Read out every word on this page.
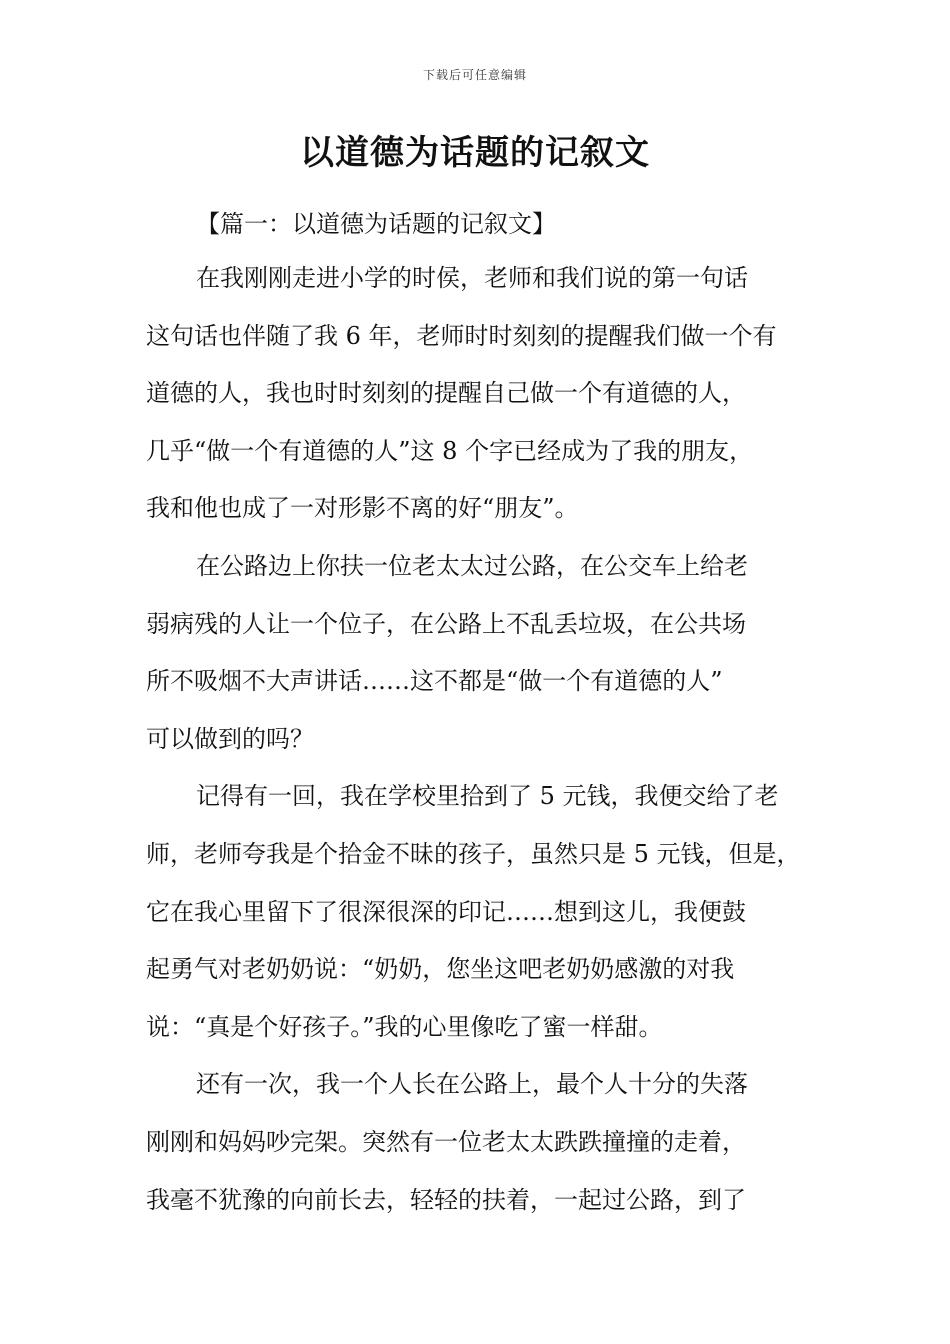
下载后可任意编辑
以道德为话题的记叙文
【篇一：以道德为话题的记叙文】
在我刚刚走进小学的时侯，老师和我们说的第一句话
这句话也伴随了我 6 年，老师时时刻刻的提醒我们做一个有
道德的人，我也时时刻刻的提醒自己做一个有道德的人，
几乎“做一个有道德的人”这 8 个字已经成为了我的朋友，
我和他也成了一对形影不离的好“朋友”。
在公路边上你扶一位老太太过公路，在公交车上给老
弱病残的人让一个位子，在公路上不乱丢垃圾，在公共场
所不吸烟不大声讲话……这不都是“做一个有道德的人”
可以做到的吗？
记得有一回，我在学校里拾到了 5 元钱，我便交给了老
师，老师夸我是个拾金不昧的孩子，虽然只是 5 元钱，但是，
它在我心里留下了很深很深的印记……想到这儿，我便鼓
起勇气对老奶奶说：“奶奶，您坐这吧老奶奶感激的对我
说：“真是个好孩子。”我的心里像吃了蜜一样甜。
还有一次，我一个人长在公路上，最个人十分的失落
刚刚和妈妈吵完架。突然有一位老太太跌跌撞撞的走着，
我毫不犹豫的向前长去，轻轻的扶着，一起过公路，到了
